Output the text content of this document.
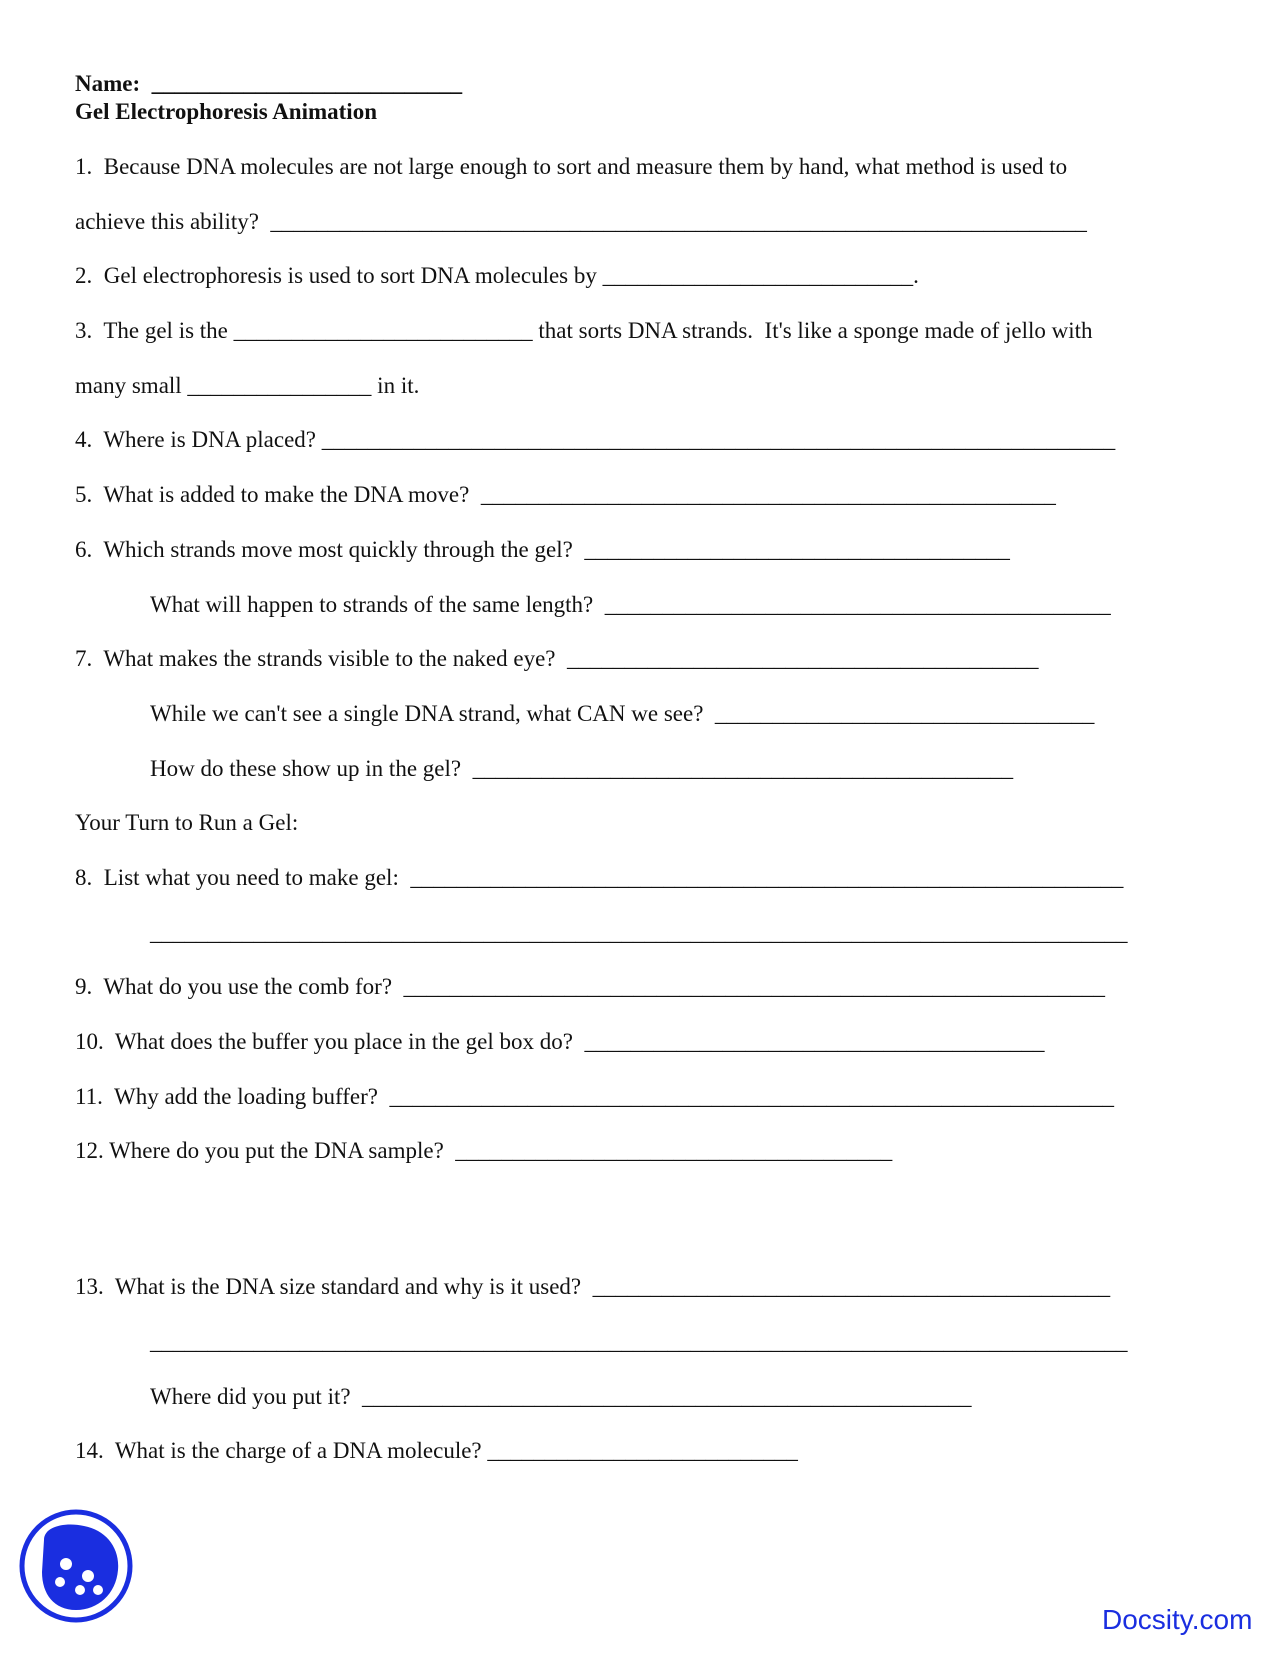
Name:  ___________________________
Gel Electrophoresis Animation
1.  Because DNA molecules are not large enough to sort and measure them by hand, what method is used to
achieve this ability?  _______________________________________________________________________
2.  Gel electrophoresis is used to sort DNA molecules by ___________________________.
3.  The gel is the __________________________ that sorts DNA strands.  It's like a sponge made of jello with
many small ________________ in it.
4.  Where is DNA placed? _____________________________________________________________________
5.  What is added to make the DNA move?  __________________________________________________
6.  Which strands move most quickly through the gel?  _____________________________________
What will happen to strands of the same length?  ____________________________________________
7.  What makes the strands visible to the naked eye?  _________________________________________
While we can't see a single DNA strand, what CAN we see?  _________________________________
How do these show up in the gel?  _______________________________________________
Your Turn to Run a Gel:
8.  List what you need to make gel:  ______________________________________________________________
_____________________________________________________________________________________
9.  What do you use the comb for?  _____________________________________________________________
10.  What does the buffer you place in the gel box do?  ________________________________________
11.  Why add the loading buffer?  _______________________________________________________________
12. Where do you put the DNA sample?  ______________________________________
13.  What is the DNA size standard and why is it used?  _____________________________________________
_____________________________________________________________________________________
Where did you put it?  _____________________________________________________
14.  What is the charge of a DNA molecule? ___________________________
Docsity.com
